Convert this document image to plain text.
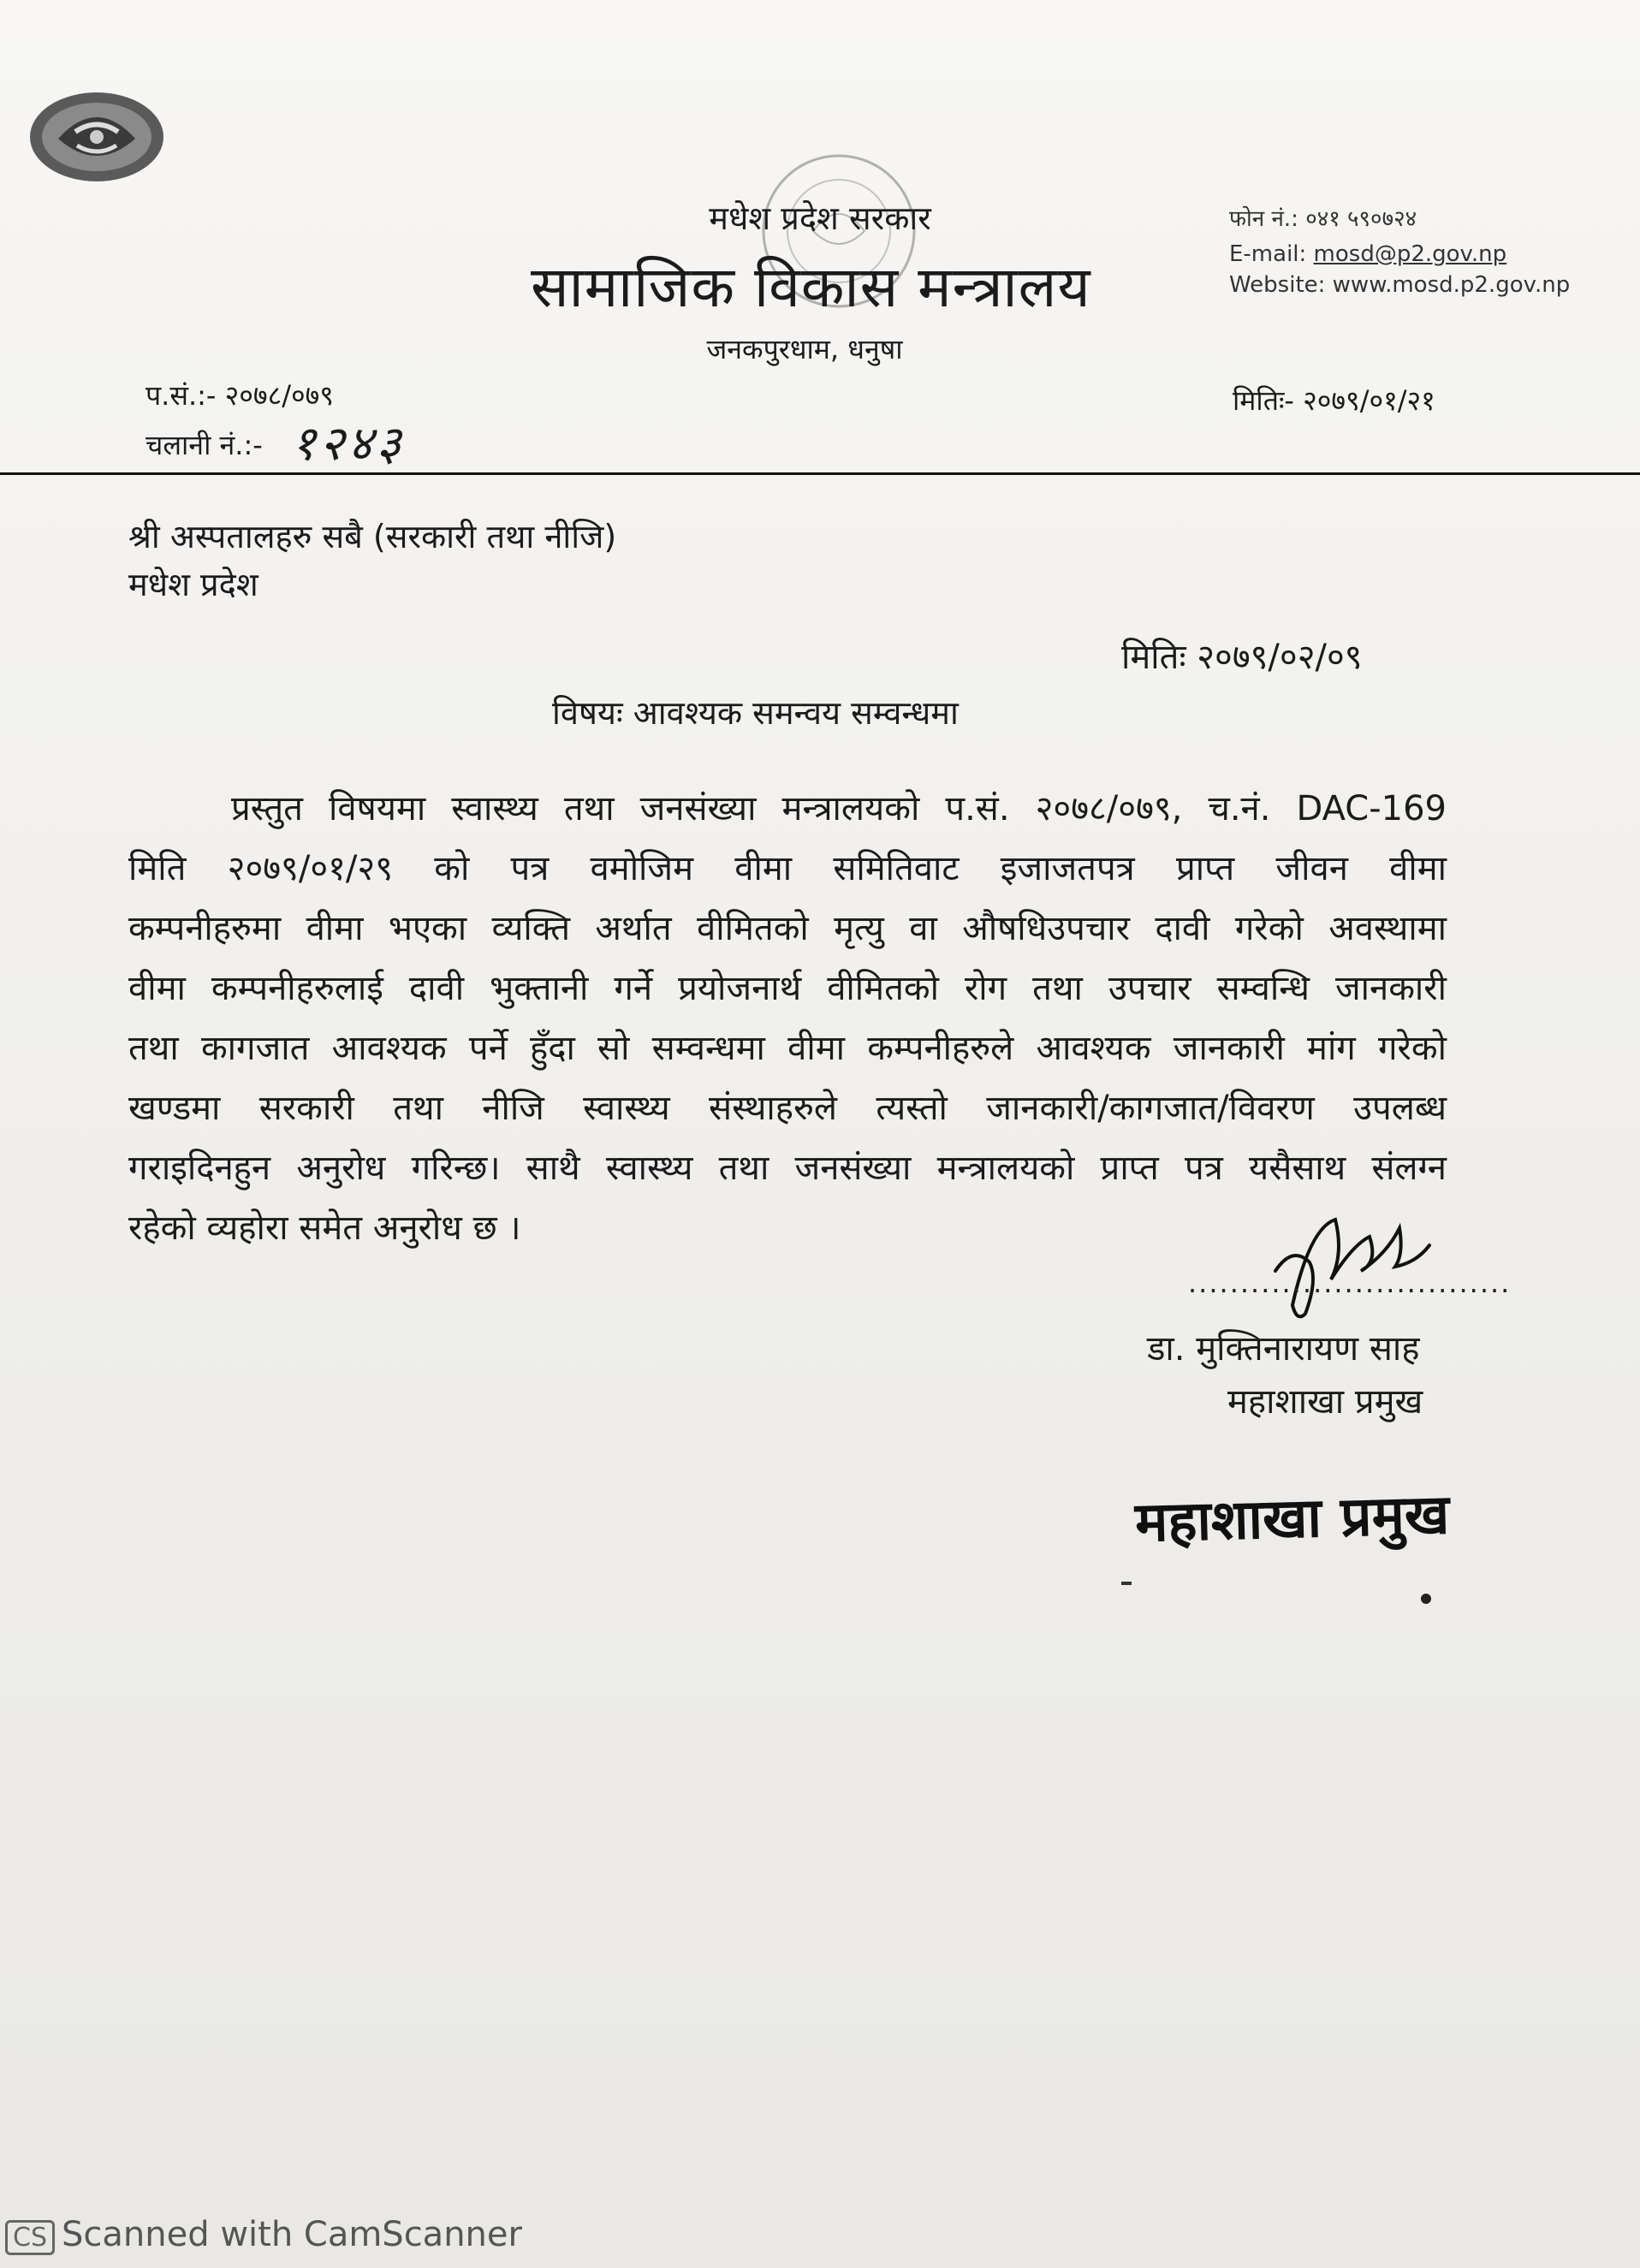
मधेश प्रदेश सरकार
सामाजिक विकास मन्त्रालय
जनकपुरधाम, धनुषा
फोन नं.: ०४१ ५९०७२४
E-mail: mosd@p2.gov.np
Website: www.mosd.p2.gov.np
प.सं.:- २०७८/०७९
चलानी नं.:- १२४३
मितिः- २०७९/०१/२१
श्री अस्पतालहरु सबै (सरकारी तथा नीजि)
मधेश प्रदेश
मितिः २०७९/०२/०९
विषयः आवश्यक समन्वय सम्वन्धमा
प्रस्तुत विषयमा स्वास्थ्य तथा जनसंख्या मन्त्रालयको प.सं. २०७८/०७९, च.नं. DAC-169
मिति २०७९/०१/२९ को पत्र वमोजिम वीमा समितिवाट इजाजतपत्र प्राप्त जीवन वीमा
कम्पनीहरुमा वीमा भएका व्यक्ति अर्थात वीमितको मृत्यु वा औषधिउपचार दावी गरेको अवस्थामा
वीमा कम्पनीहरुलाई दावी भुक्तानी गर्ने प्रयोजनार्थ वीमितको रोग तथा उपचार सम्वन्धि जानकारी
तथा कागजात आवश्यक पर्ने हुँदा सो सम्वन्धमा वीमा कम्पनीहरुले आवश्यक जानकारी मांग गरेको
खण्डमा सरकारी तथा नीजि स्वास्थ्य संस्थाहरुले त्यस्तो जानकारी/कागजात/विवरण उपलब्ध
गराइदिनहुन अनुरोध गरिन्छ। साथै स्वास्थ्य तथा जनसंख्या मन्त्रालयको प्राप्त पत्र यसैसाथ संलग्न
रहेको व्यहोरा समेत अनुरोध छ ।
...............................
डा. मुक्तिनारायण साह
महाशाखा प्रमुख
महाशाखा प्रमुख
CS Scanned with CamScanner
